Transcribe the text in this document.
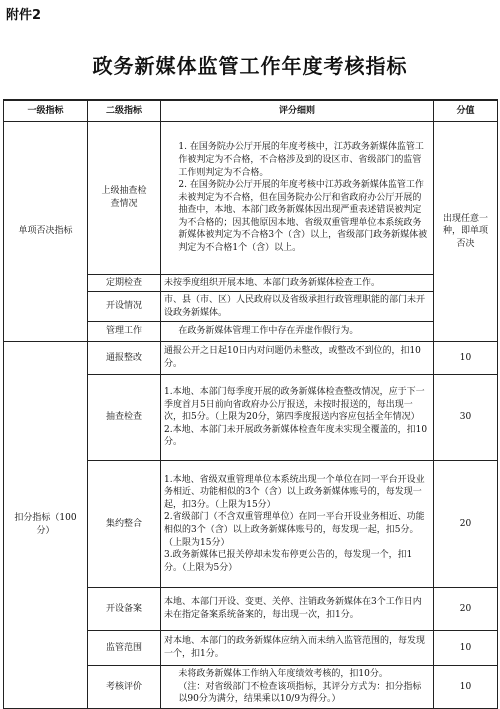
附件2
政务新媒体监管工作年度考核指标
一级指标	二级指标	评分细则	分值
单项否决指标	上级抽查检查情况	1. 在国务院办公厅开展的年度考核中，江苏政务新媒体监管工作被判定为不合格，不合格涉及到的设区市、省级部门的监管工作则判定为不合格。
2. 在国务院办公厅开展的年度考核中江苏政务新媒体监管工作未被判定为不合格，但在国务院办公厅和省政府办公厅开展的抽查中，本地、本部门政务新媒体因出现严重表述错误被判定为不合格的；因其他原因本地、省级双重管理单位本系统政务新媒体被判定为不合格3个（含）以上，省级部门政务新媒体被判定为不合格1个（含）以上。	出现任意一种，即单项否决
	定期检查	未按季度组织开展本地、本部门政务新媒体检查工作。	

	开设情况	市、县（市、区）人民政府以及省级承担行政管理职能的部门未开设政务新媒体。	

	管理工作	在政务新媒体管理工作中存在弄虚作假行为。	

扣分指标（100分）	通报整改	通报公开之日起10日内对问题仍未整改，或整改不到位的，扣10分。	10
	抽查检查	1.本地、本部门每季度开展的政务新媒体检查整改情况，应于下一季度首月5日前向省政府办公厅报送，未按时报送的，每出现一次，扣5分。（上限为20分，第四季度报送内容应包括全年情况）
2.本地、本部门未开展政务新媒体检查年度未实现全覆盖的，扣10分。	30
	集约整合	1.本地、省级双重管理单位本系统出现一个单位在同一平台开设业务相近、功能相似的3个（含）以上政务新媒体账号的，每发现一起，扣3分。（上限为15分）
2.省级部门（不含双重管理单位）在同一平台开设业务相近、功能相似的3个（含）以上政务新媒体账号的，每发现一起，扣5分。（上限为15分）
3.政务新媒体已报关停却未发布停更公告的，每发现一个，扣1分。（上限为5分）	20
	开设备案	本地、本部门开设、变更、关停、注销政务新媒体在3个工作日内未在指定备案系统备案的，每出现一次，扣1分。	20
	监管范围	对本地、本部门的政务新媒体应纳入而未纳入监管范围的，每发现一个，扣1分。	10
	考核评价	未将政务新媒体工作纳入年度绩效考核的，扣10分。
（注：对省级部门不检查该项指标，其评分方式为：扣分指标以90分为满分，结果乘以10/9为得分。）	10
